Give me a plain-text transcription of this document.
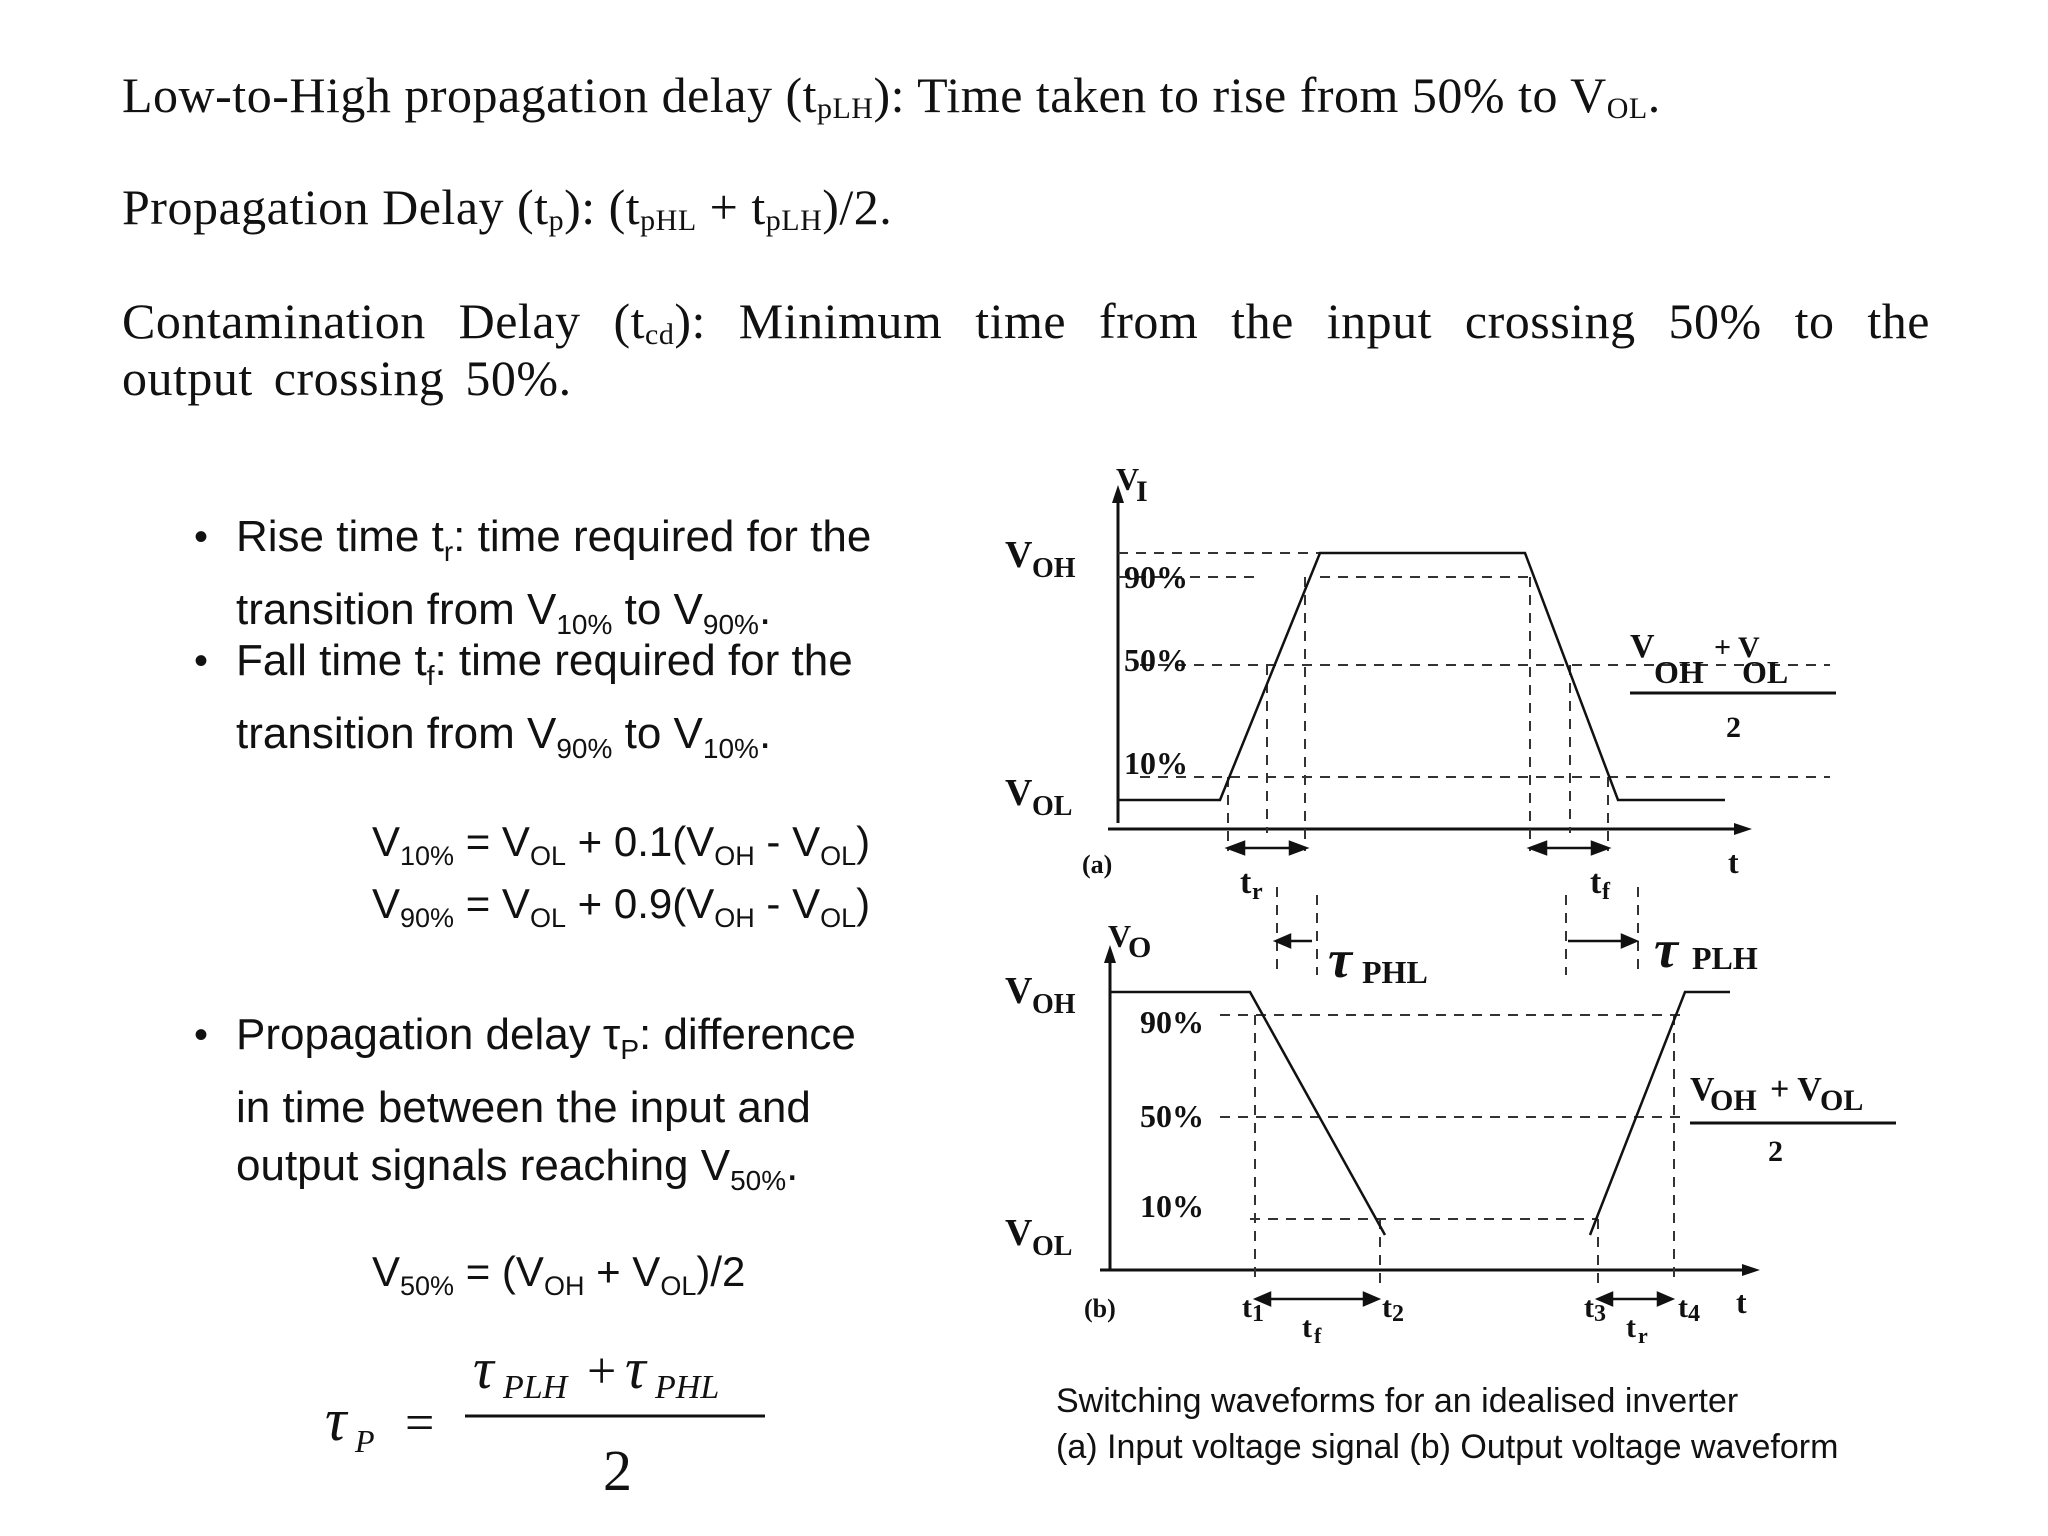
Low-to-High propagation delay $(t_{pLH})$: Time taken to rise from 50% to $V_{OL}$.

Propagation Delay $(t_p)$: $(t_{pHL} + t_{pLH})/2$.

Contamination Delay $(t_{cd})$: Minimum time from the input crossing 50% to the output crossing 50%.

• Rise time $t_r$: time required for the
transition from $V_{10\%}$ to $V_{90\%}$.
• Fall time $t_f$: time required for the
transition from $V_{90\%}$ to $V_{10\%}$.
$V_{10\%} = V_{OL} + 0.1(V_{OH} - V_{OL})$
$V_{90\%} = V_{OL} + 0.9(V_{OH} - V_{OL})$
• Propagation delay $\tau_P$: difference
in time between the input and
output signals reaching $V_{50\%}$.
$V_{50\%} = (V_{OH} + V_{OL})/2$
τ P =
τ PLH + τ PHL
2
V OH
V OL
90%
50%
10%
V
I
(a)	t
t r	t f
V
OH
+ V
OL
2
V OH
V OL
90%
50%
10%
V
O
(b)	t
τ PHL	τ PLH
t 1	t 2	t 3 t 4
t f	t r
V
OH + V
OL
2
Switching waveforms for an idealised inverter
(a) Input voltage signal (b) Output voltage waveform
